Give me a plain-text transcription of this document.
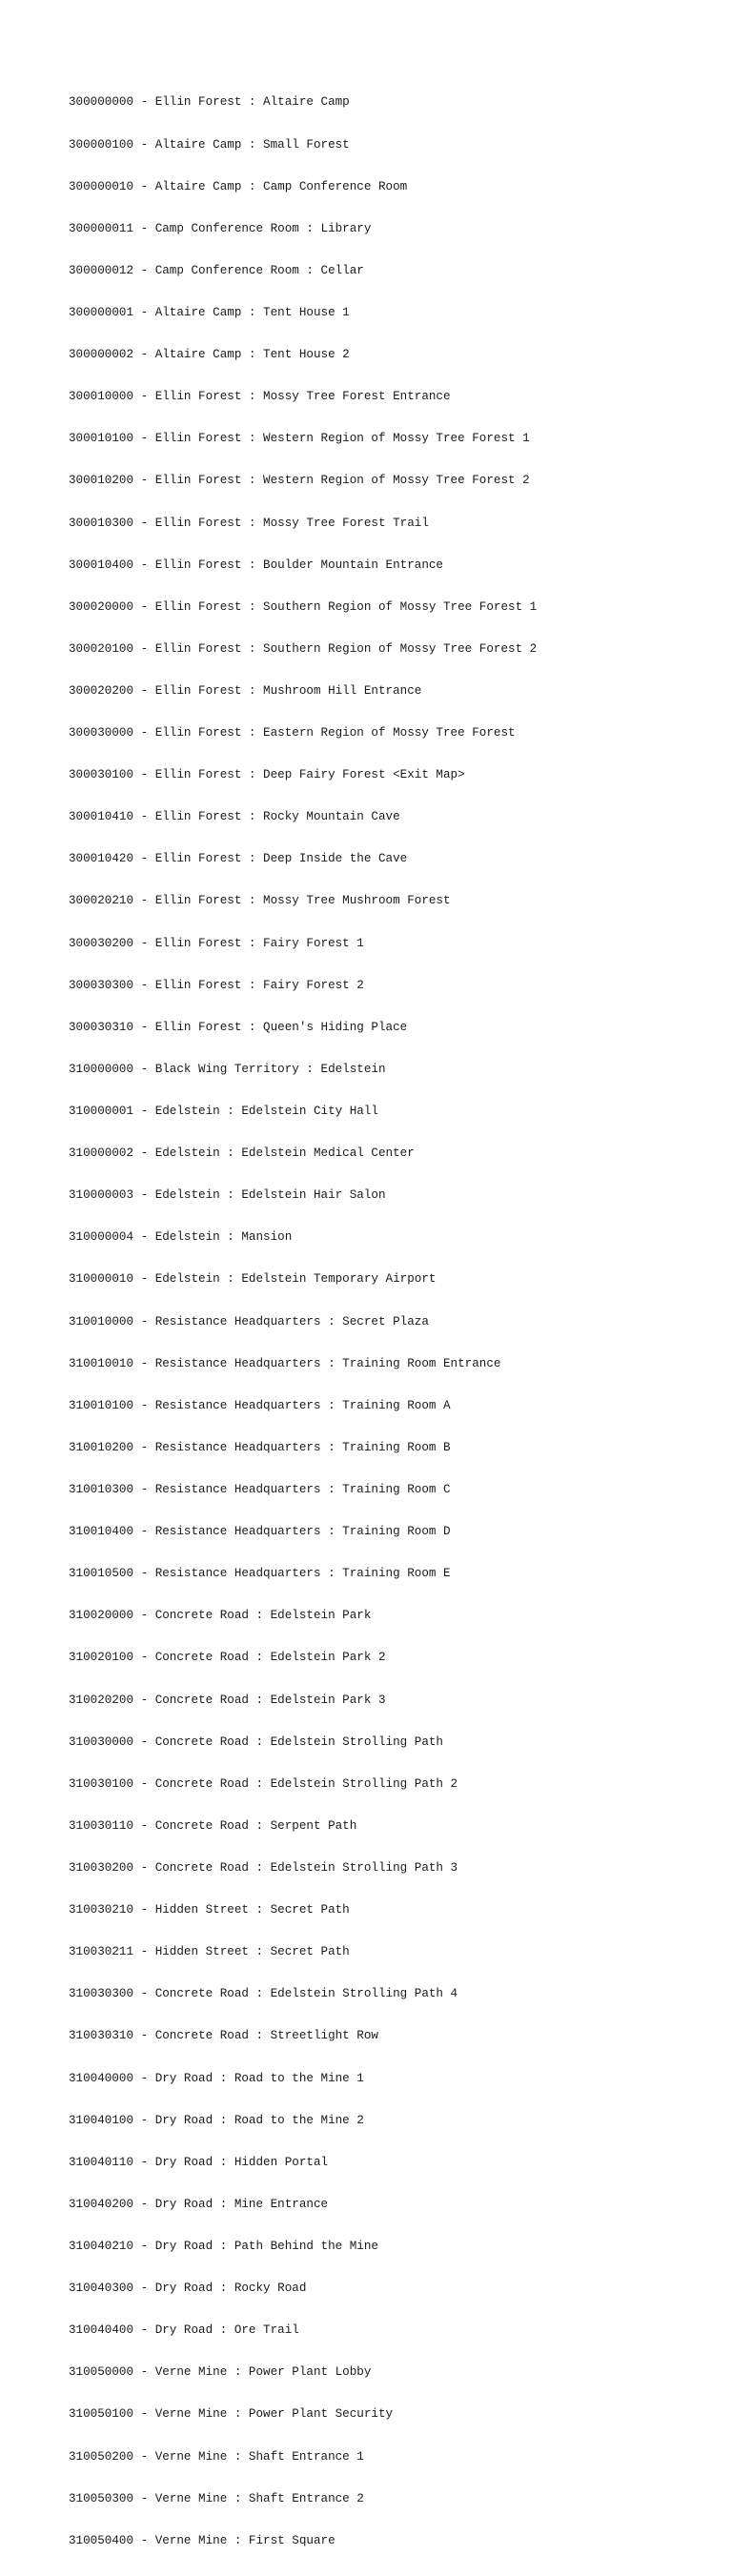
300000000 - Ellin Forest : Altaire Camp

300000100 - Altaire Camp : Small Forest

300000010 - Altaire Camp : Camp Conference Room

300000011 - Camp Conference Room : Library

300000012 - Camp Conference Room : Cellar

300000001 - Altaire Camp : Tent House 1

300000002 - Altaire Camp : Tent House 2

300010000 - Ellin Forest : Mossy Tree Forest Entrance

300010100 - Ellin Forest : Western Region of Mossy Tree Forest 1

300010200 - Ellin Forest : Western Region of Mossy Tree Forest 2

300010300 - Ellin Forest : Mossy Tree Forest Trail

300010400 - Ellin Forest : Boulder Mountain Entrance

300020000 - Ellin Forest : Southern Region of Mossy Tree Forest 1

300020100 - Ellin Forest : Southern Region of Mossy Tree Forest 2

300020200 - Ellin Forest : Mushroom Hill Entrance

300030000 - Ellin Forest : Eastern Region of Mossy Tree Forest

300030100 - Ellin Forest : Deep Fairy Forest <Exit Map>

300010410 - Ellin Forest : Rocky Mountain Cave

300010420 - Ellin Forest : Deep Inside the Cave

300020210 - Ellin Forest : Mossy Tree Mushroom Forest

300030200 - Ellin Forest : Fairy Forest 1

300030300 - Ellin Forest : Fairy Forest 2

300030310 - Ellin Forest : Queen's Hiding Place

310000000 - Black Wing Territory : Edelstein

310000001 - Edelstein : Edelstein City Hall

310000002 - Edelstein : Edelstein Medical Center

310000003 - Edelstein : Edelstein Hair Salon

310000004 - Edelstein : Mansion

310000010 - Edelstein : Edelstein Temporary Airport

310010000 - Resistance Headquarters : Secret Plaza

310010010 - Resistance Headquarters : Training Room Entrance

310010100 - Resistance Headquarters : Training Room A

310010200 - Resistance Headquarters : Training Room B

310010300 - Resistance Headquarters : Training Room C

310010400 - Resistance Headquarters : Training Room D

310010500 - Resistance Headquarters : Training Room E

310020000 - Concrete Road : Edelstein Park

310020100 - Concrete Road : Edelstein Park 2

310020200 - Concrete Road : Edelstein Park 3

310030000 - Concrete Road : Edelstein Strolling Path

310030100 - Concrete Road : Edelstein Strolling Path 2

310030110 - Concrete Road : Serpent Path

310030200 - Concrete Road : Edelstein Strolling Path 3

310030210 - Hidden Street : Secret Path

310030211 - Hidden Street : Secret Path

310030300 - Concrete Road : Edelstein Strolling Path 4

310030310 - Concrete Road : Streetlight Row

310040000 - Dry Road : Road to the Mine 1

310040100 - Dry Road : Road to the Mine 2

310040110 - Dry Road : Hidden Portal

310040200 - Dry Road : Mine Entrance

310040210 - Dry Road : Path Behind the Mine

310040300 - Dry Road : Rocky Road

310040400 - Dry Road : Ore Trail

310050000 - Verne Mine : Power Plant Lobby

310050100 - Verne Mine : Power Plant Security

310050200 - Verne Mine : Shaft Entrance 1

310050300 - Verne Mine : Shaft Entrance 2

310050400 - Verne Mine : First Square
